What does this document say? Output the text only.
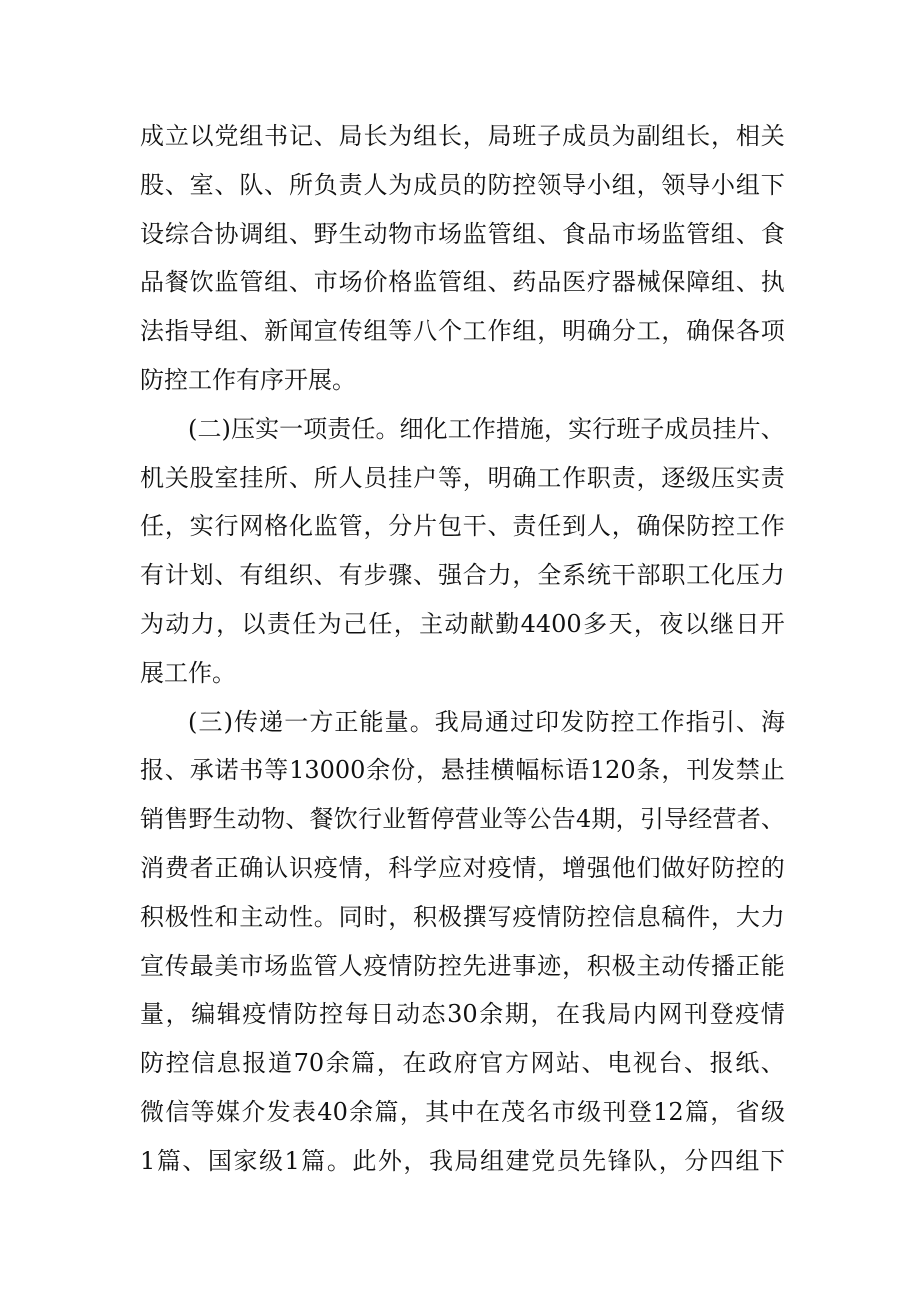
成 立 以 党 组 书 记 、 局 长 为 组 长 ， 局 班 子 成 员 为 副 组 长 ， 相 关
股 、 室 、 队 、 所 负 责 人 为 成 员 的 防 控 领 导 小 组 ， 领 导 小 组 下
设 综 合 协 调 组 、 野 生 动 物 市 场 监 管 组 、 食 品 市 场 监 管 组 、 食
品 餐 饮 监 管 组 、 市 场 价 格 监 管 组 、 药 品 医 疗 器 械 保 障 组 、 执
法 指 导 组 、 新 闻 宣 传 组 等 八 个 工 作 组 ， 明 确 分 工 ， 确 保 各 项
防控工作有序开展。
( 二 ) 压 实 一 项 责 任 。 细 化 工 作 措 施 ， 实 行 班 子 成 员 挂 片 、
机 关 股 室 挂 所 、 所 人 员 挂 户 等 ， 明 确 工 作 职 责 ， 逐 级 压 实 责
任 ， 实 行 网 格 化 监 管 ， 分 片 包 干 、 责 任 到 人 ， 确 保 防 控 工 作
有 计 划 、 有 组 织 、 有 步 骤 、 强 合 力 ， 全 系 统 干 部 职 工 化 压 力
为 动 力 ， 以 责 任 为 己 任 ， 主 动 献 勤 4400 多 天 ， 夜 以 继 日 开
展工作。
( 三 ) 传 递 一 方 正 能 量 。 我 局 通 过 印 发 防 控 工 作 指 引 、 海
报 、 承 诺 书 等 13000 余 份 ， 悬 挂 横 幅 标 语 120 条 ， 刊 发 禁 止
销 售 野 生 动 物 、 餐 饮 行 业 暂 停 营 业 等 公 告 4 期 ， 引 导 经 营 者 、
消 费 者 正 确 认 识 疫 情 ， 科 学 应 对 疫 情 ， 增 强 他 们 做 好 防 控 的
积 极 性 和 主 动 性 。 同 时 ， 积 极 撰 写 疫 情 防 控 信 息 稿 件 ， 大 力
宣 传 最 美 市 场 监 管 人 疫 情 防 控 先 进 事 迹 ， 积 极 主 动 传 播 正 能
量 ， 编 辑 疫 情 防 控 每 日 动 态 30 余 期 ， 在 我 局 内 网 刊 登 疫 情
防 控 信 息 报 道 70 余 篇 ， 在 政 府 官 方 网 站 、 电 视 台 、 报 纸 、
微 信 等 媒 介 发 表 40 余 篇 ， 其 中 在 茂 名 市 级 刊 登 12 篇 ， 省 级
1 篇 、 国 家 级 1 篇 。 此 外 ， 我 局 组 建 党 员 先 锋 队 ， 分 四 组 下
